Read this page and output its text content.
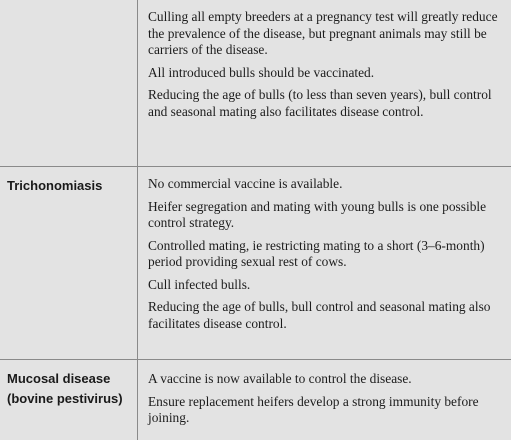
Culling all empty breeders at a pregnancy test will greatly reduce the prevalence of the disease, but pregnant animals may still be carriers of the disease.

All introduced bulls should be vaccinated.

Reducing the age of bulls (to less than seven years), bull control and seasonal mating also facilitates disease control.

Trichonomiasis	No commercial vaccine is available.

Heifer segregation and mating with young bulls is one possible control strategy.

Controlled mating, ie restricting mating to a short (3–6-month) period providing sexual rest of cows.

Cull infected bulls.

Reducing the age of bulls, bull control and seasonal mating also facilitates disease control.

Mucosal disease
(bovine pestivirus)

A vaccine is now available to control the disease.

Ensure replacement heifers develop a strong immunity before joining.
